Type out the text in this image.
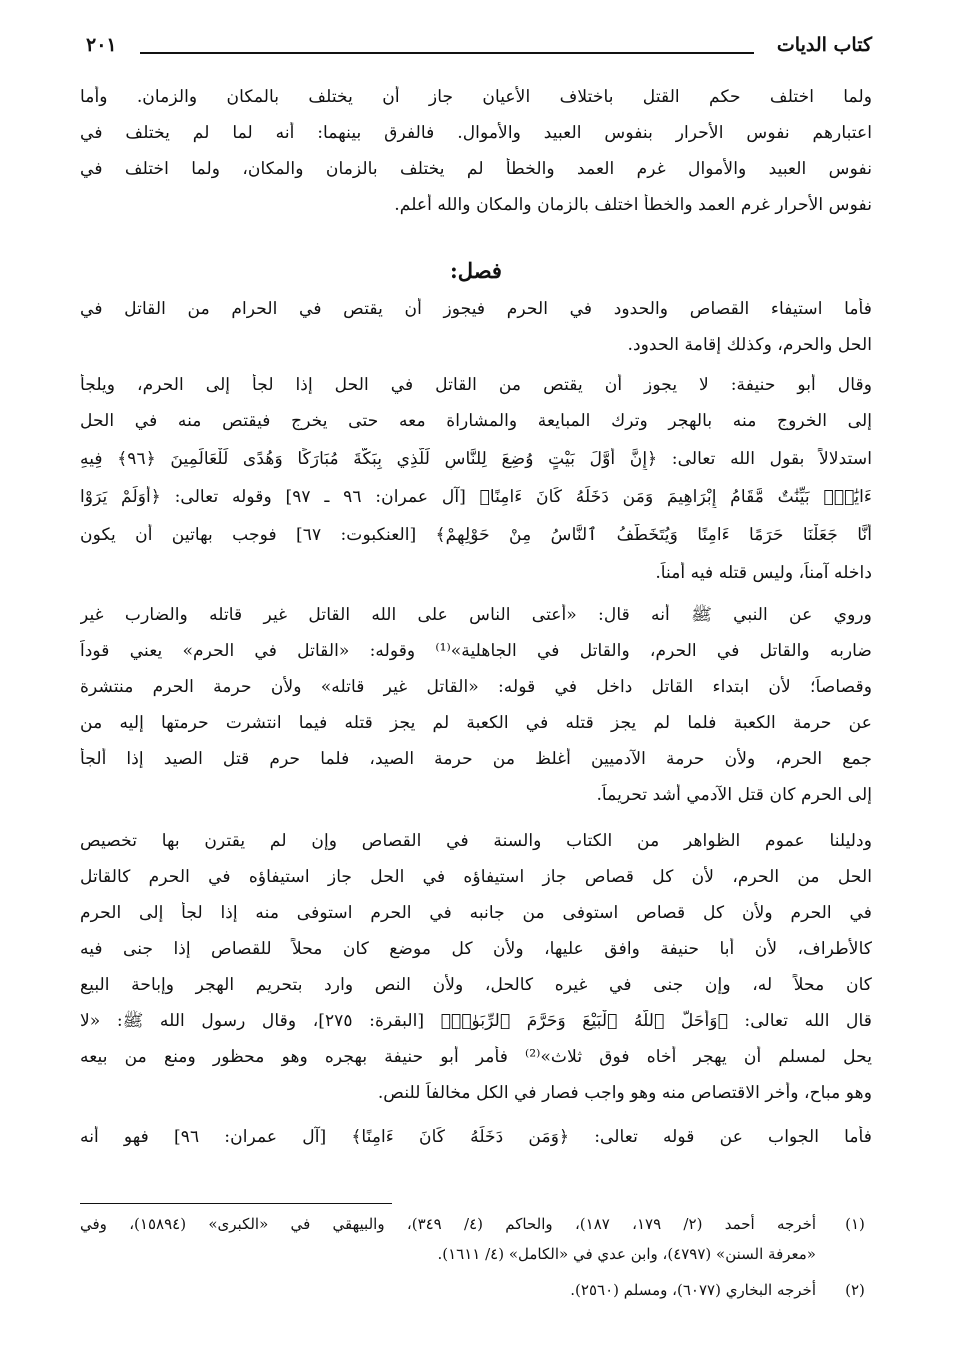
كتاب الديات
٢٠١
ولما اختلف حكم القتل باختلاف الأعيان جاز أن يختلف بالمكان والزمان. وأما
اعتبارهم نفوس الأحرار بنفوس العبيد والأموال. فالفرق بينهما: أنه لما لم يختلف في
نفوس العبيد والأموال غرم العمد والخطأ لم يختلف بالزمان والمكان، ولما اختلف في
نفوس الأحرار غرم العمد والخطأ اختلف بالزمان والمكان والله أعلم.
فصل:
فأما استيفاء القصاص والحدود في الحرم فيجوز أن يقتص في الحرام من القاتل في
الحل والحرم، وكذلك إقامة الحدود.
وقال أبو حنيفة: لا يجوز أن يقتص من القاتل في الحل إذا لجأ إلى الحرم، ويلجأ
إلى الخروج منه بالهجر وترك المبايعة والمشاراة معه حتى يخرج فيقتص منه في الحل
استدلالاً بقول الله تعالى: ﴿إِنَّ أَوَّلَ بَيْتٍ وُضِعَ لِلنَّاسِ لَلَّذِي بِبَكَّةَ مُبَارَكًا وَهُدًى لِّلْعَالَمِينَ ﴿٩٦﴾ فِيهِ
ءَايَٰتُۢ بَيِّنَٰتٌ مَّقَامُ إِبْرَاهِيمَ وَمَن دَخَلَهُ كَانَ ءَامِنًا﴾ [آل عمران: ٩٦ ـ ٩٧] وقوله تعالى: ﴿أَوَلَمْ يَرَوْا
أَنَّا جَعَلْنَا حَرَمًا ءَامِنًا وَيُتَخَطَّفُ ٱلنَّاسُ مِنْ حَوْلِهِمْ﴾ [العنكبوت: ٦٧] فوجب بهاتين أن يكون
داخله آمناً، وليس قتله فيه أمناً.
وروي عن النبي ﷺ أنه قال: «أعتى الناس على الله القاتل غير قاتله والضارب غير
ضاربه والقاتل في الحرم، والقاتل في الجاهلية»⁽¹⁾ وقوله: «القاتل في الحرم» يعني قوداً
وقصاصاً؛ لأن ابتداء القاتل داخل في قوله: «القاتل غير قاتله» ولأن حرمة الحرم منتشرة
عن حرمة الكعبة فلما لم يجز قتله في الكعبة لم يجز قتله فيما انتشرت حرمتها إليه من
جمع الحرم، ولأن حرمة الآدميين أغلظ من حرمة الصيد، فلما حرم قتل الصيد إذا ألجأ
إلى الحرم كان قتل الآدمي أشد تحريماً.
ودليلنا عموم الظواهر من الكتاب والسنة في القصاص وإن لم يقترن بها تخصيص
الحل من الحرم، لأن كل قصاص جاز استيفاؤه في الحل جاز استيفاؤه في الحرم كالقاتل
في الحرم ولأن كل قصاص استوفى من جانبه في الحرم استوفى منه إذا لجأ إلى الحرم
كالأطراف، لأن أبا حنيفة وافق عليها، ولأن كل موضع كان محلاً للقصاص إذا جنى فيه
كان محلاً له، وإن جنى في غيره كالحل، ولأن النص وارد بتحريم الهجر وإباحة البيع
قال الله تعالى: ﴿وَأَحَلَّ ٱللَّهُ ٱلْبَيْعَ وَحَرَّمَ ٱلرِّبَوٰا۟﴾ [البقرة: ٢٧٥]، وقال رسول الله ﷺ: «لا
يحل لمسلم أن يهجر أخاه فوق ثلاث»⁽²⁾ فأمر أبو حنيفة بهجره وهو محظور ومنع من بيعه
وهو مباح، وأخر الاقتصاص منه وهو واجب فصار في الكل مخالفاً للنص.
فأما الجواب عن قوله تعالى: ﴿وَمَن دَخَلَهُ كَانَ ءَامِنًا﴾ [آل عمران: ٩٦] فهو أنه
(١)
أخرجه أحمد (٢/ ١٧٩، ١٨٧)، والحاكم (٤/ ٣٤٩)، والبيهقي في «الكبرى» (١٥٨٩٤)، وفي
«معرفة السنن» (٤٧٩٧)، وابن عدي في «الكامل» (٤/ ١٦١١).
(٢)
أخرجه البخاري (٦٠٧٧)، ومسلم (٢٥٦٠).
